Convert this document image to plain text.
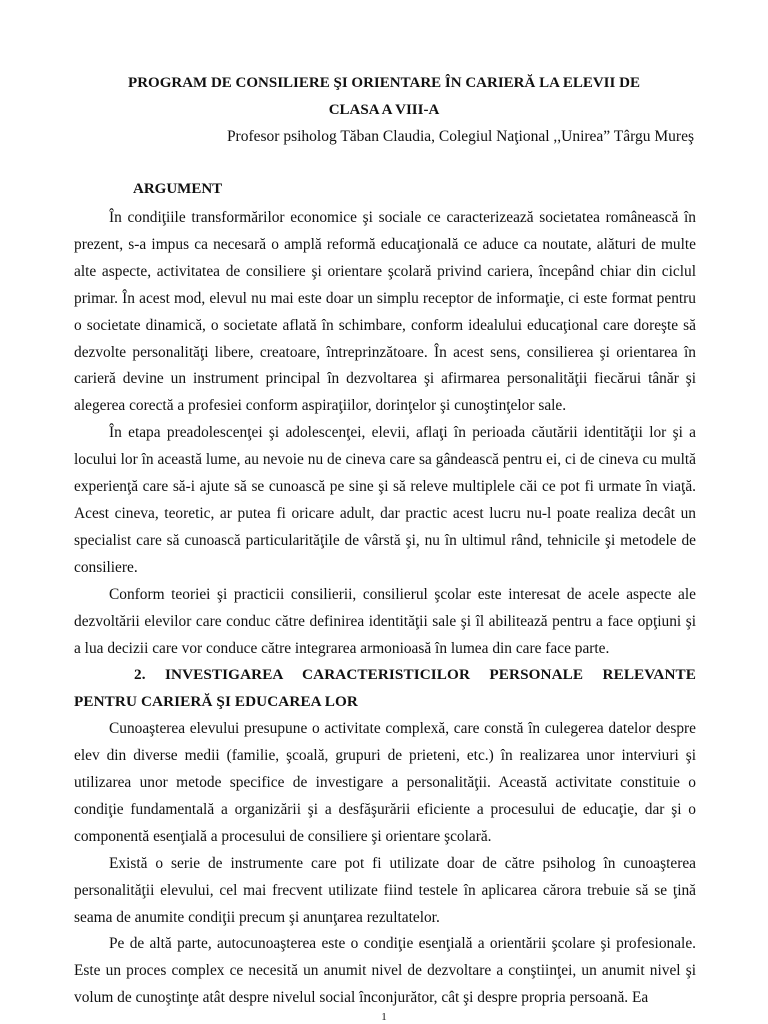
PROGRAM DE CONSILIERE ŞI ORIENTARE ÎN CARIERĂ LA ELEVII DE
CLASA A VIII-A
Profesor psiholog Tăban Claudia, Colegiul Naţional ,,Unirea” Târgu Mureş
ARGUMENT

În condiţiile transformărilor economice şi sociale ce caracterizează societatea românească în prezent, s-a impus ca necesară o amplă reformă educaţională ce aduce ca noutate, alături de multe alte aspecte, activitatea de consiliere şi orientare şcolară privind cariera, începând chiar din ciclul primar. În acest mod, elevul nu mai este doar un simplu receptor de informaţie, ci este format pentru o societate dinamică, o societate aflată în schimbare, conform idealului educaţional care doreşte să dezvolte personalităţi libere, creatoare, întreprinzătoare. În acest sens, consilierea şi orientarea în carieră devine un instrument principal în dezvoltarea şi afirmarea personalităţii fiecărui tânăr şi alegerea corectă a profesiei conform aspiraţiilor, dorinţelor şi cunoştinţelor sale.

În etapa preadolescenţei şi adolescenţei, elevii, aflaţi în perioada căutării identităţii lor şi a locului lor în această lume, au nevoie nu de cineva care sa gândească pentru ei, ci de cineva cu multă experienţă care să-i ajute să se cunoască pe sine şi să releve multiplele căi ce pot fi urmate în viaţă. Acest cineva, teoretic, ar putea fi oricare adult, dar practic acest lucru nu-l poate realiza decât un specialist care să cunoască particularităţile de vârstă şi, nu în ultimul rând, tehnicile şi metodele de consiliere.

Conform teoriei şi practicii consilierii, consilierul şcolar este interesat de acele aspecte ale dezvoltării elevilor care conduc către definirea identităţii sale şi îl abilitează pentru a face opţiuni şi a lua decizii care vor conduce către integrarea armonioasă în lumea din care face parte.

2. INVESTIGAREA CARACTERISTICILOR PERSONALE RELEVANTE PENTRU CARIERĂ ŞI EDUCAREA LOR

Cunoaşterea elevului presupune o activitate complexă, care constă în culegerea datelor despre elev din diverse medii (familie, şcoală, grupuri de prieteni, etc.) în realizarea unor interviuri şi utilizarea unor metode specifice de investigare a personalităţii. Această activitate constituie o condiţie fundamentală a organizării şi a desfăşurării eficiente a procesului de educaţie, dar şi o componentă esenţială a procesului de consiliere şi orientare şcolară.

Există o serie de instrumente care pot fi utilizate doar de către psiholog în cunoaşterea personalităţii elevului, cel mai frecvent utilizate fiind testele în aplicarea cărora trebuie să se ţină seama de anumite condiţii precum şi anunţarea rezultatelor.

Pe de altă parte, autocunoaşterea este o condiţie esenţială a orientării şcolare şi profesionale. Este un proces complex ce necesită un anumit nivel de dezvoltare a conştiinţei, un anumit nivel şi volum de cunoştinţe atât despre nivelul social înconjurător, cât şi despre propria persoană. Ea

1
